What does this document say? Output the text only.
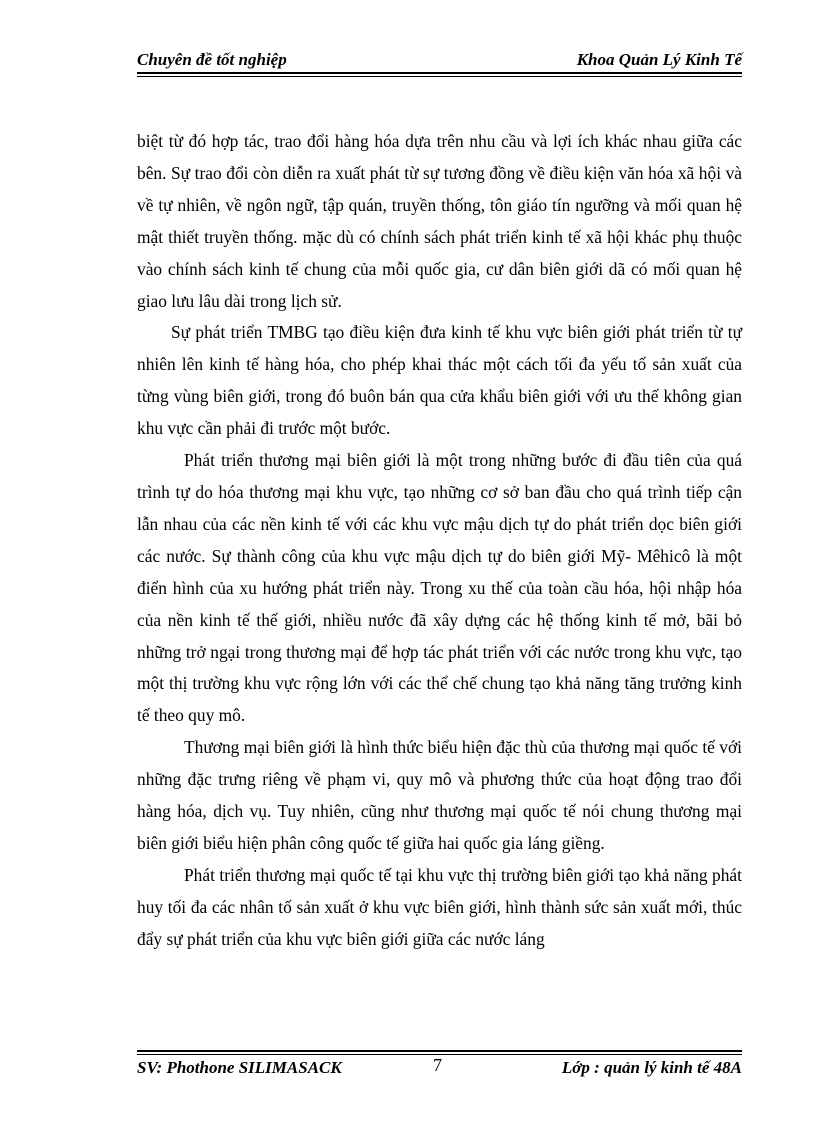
Chuyên đề tốt nghiệp	Khoa Quản Lý Kinh Tế

biệt từ đó hợp tác, trao đổi hàng hóa dựa trên nhu cầu và lợi ích khác nhau giữa các bên. Sự trao đổi còn diễn ra xuất phát từ sự tương đồng về điều kiện văn hóa xã hội và về tự nhiên, về ngôn ngữ, tập quán, truyền thống, tôn giáo tín ngưỡng và mối quan hệ mật thiết truyền thống. mặc dù có chính sách phát triển kinh tế xã hội khác phụ thuộc vào chính sách kinh tế chung của mỗi quốc gia, cư dân biên giới dã có mối quan hệ giao lưu lâu dài trong lịch sử.

Sự phát triển TMBG tạo điều kiện đưa kinh tế khu vực biên giới phát triển từ tự nhiên lên kinh tế hàng hóa, cho phép khai thác một cách tối đa yếu tố sản xuất của từng vùng biên giới, trong đó buôn bán qua cửa khẩu biên giới với ưu thế không gian khu vực cần phải đi trước một bước.

Phát triển thương mại biên giới là một trong những bước đi đầu tiên của quá trình tự do hóa thương mại khu vực, tạo những cơ sở ban đầu cho quá trình tiếp cận lẫn nhau của các nền kinh tế với các khu vực mậu dịch tự do phát triển dọc biên giới các nước. Sự thành công của khu vực mậu dịch tự do biên giới Mỹ- Mêhicô là một điển hình của xu hướng phát triển này. Trong xu thế của toàn cầu hóa, hội nhập hóa của nền kinh tế thế giới, nhiều nước đã xây dựng các hệ thống kinh tế mở, bãi bỏ những trở ngại trong thương mại để hợp tác phát triển với các nước trong khu vực, tạo một thị trường khu vực rộng lớn với các thể chế chung tạo khả năng tăng trưởng kinh tế theo quy mô.

Thương mại biên giới là hình thức biểu hiện đặc thù của thương mại quốc tế với những đặc trưng riêng về phạm vi, quy mô và phương thức của hoạt động trao đổi hàng hóa, dịch vụ. Tuy nhiên, cũng như thương mại quốc tế nói chung thương mại biên giới biểu hiện phân công quốc tế giữa hai quốc gia láng giềng.

Phát triển thương mại quốc tế tại khu vực thị trường biên giới tạo khả năng phát huy tối đa các nhân tố sản xuất ở khu vực biên giới, hình thành sức sản xuất mới, thúc đẩy sự phát triển của khu vực biên giới giữa các nước láng

SV: Phothone SILIMASACK	7	Lớp : quản lý kinh tế 48A
